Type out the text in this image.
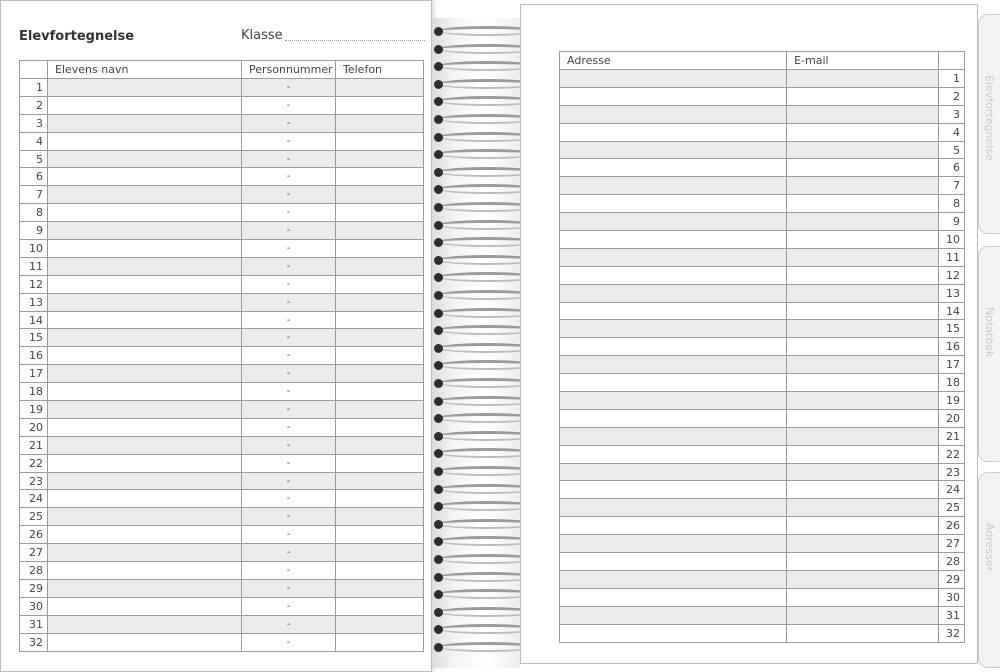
Elevfortegnelse	Klasse
	Elevens navn	Personnummer	Telefon
1		-	
2		-	
3		-	
4		-	
5		-	
6		-	
7		-	
8		-	
9		-	
10		-	
11		-	
12		-	
13		-	
14		-	
15		-	
16		-	
17		-	
18		-	
19		-	
20		-	
21		-	
22		-	
23		-	
24		-	
25		-	
26		-	
27		-	
28		-	
29		-	
30		-	
31		-	
32		-	
Adresse	E-mail	
		1
		2
		3
		4
		5
		6
		7
		8
		9
		10
		11
		12
		13
		14
		15
		16
		17
		18
		19
		20
		21
		22
		23
		24
		25
		26
		27
		28
		29
		30
		31
		32
Elevfortegnelse
Notatbok
Adresser
